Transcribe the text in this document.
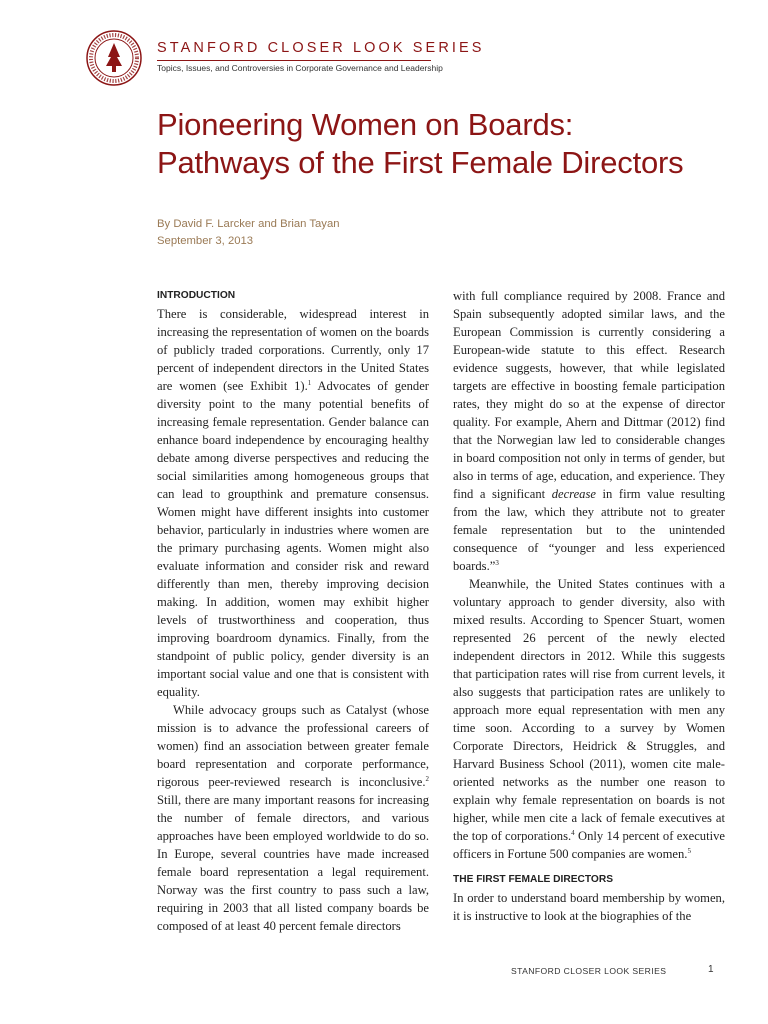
STANFORD CLOSER LOOK SERIES
Topics, Issues, and Controversies in Corporate Governance and Leadership
Pioneering Women on Boards:
Pathways of the First Female Directors
By David F. Larcker and Brian Tayan
September 3, 2013

INTRODUCTION

There is considerable, widespread interest in increasing the representation of women on the boards of publicly traded corporations. Currently, only 17 percent of independent directors in the United States are women (see Exhibit 1).$^1$ Advocates of gender diversity point to the many potential benefits of increasing female representation. Gender balance can enhance board independence by encouraging healthy debate among diverse perspectives and reducing the social similarities among homogeneous groups that can lead to groupthink and premature consensus. Women might have different insights into customer behavior, particularly in industries where women are the primary purchasing agents. Women might also evaluate information and consider risk and reward differently than men, thereby improving decision making. In addition, women may exhibit higher levels of trustworthiness and cooperation, thus improving boardroom dynamics. Finally, from the standpoint of public policy, gender diversity is an important social value and one that is consistent with equality.

While advocacy groups such as Catalyst (whose mission is to advance the professional careers of women) find an association between greater female board representation and corporate performance, rigorous peer-reviewed research is inconclusive.$^2$ Still, there are many important reasons for increasing the number of female directors, and various approaches have been employed worldwide to do so. In Europe, several countries have made increased female board representation a legal requirement. Norway was the first country to pass such a law, requiring in 2003 that all listed company boards be composed of at least 40 percent female directors

with full compliance required by 2008. France and Spain subsequently adopted similar laws, and the European Commission is currently considering a European-wide statute to this effect. Research evidence suggests, however, that while legislated targets are effective in boosting female participation rates, they might do so at the expense of director quality. For example, Ahern and Dittmar (2012) find that the Norwegian law led to considerable changes in board composition not only in terms of gender, but also in terms of age, education, and experience. They find a significant decrease in firm value resulting from the law, which they attribute not to greater female representation but to the unintended consequence of “younger and less experienced boards.”$^3$

Meanwhile, the United States continues with a voluntary approach to gender diversity, also with mixed results. According to Spencer Stuart, women represented 26 percent of the newly elected independent directors in 2012. While this suggests that participation rates will rise from current levels, it also suggests that participation rates are unlikely to approach more equal representation with men any time soon. According to a survey by Women Corporate Directors, Heidrick & Struggles, and Harvard Business School (2011), women cite male-oriented networks as the number one reason to explain why female representation on boards is not higher, while men cite a lack of female executives at the top of corporations.$^4$ Only 14 percent of executive officers in Fortune 500 companies are women.$^5$

THE FIRST FEMALE DIRECTORS

In order to understand board membership by women, it is instructive to look at the biographies of the

STANFORD CLOSER LOOK SERIES	1
